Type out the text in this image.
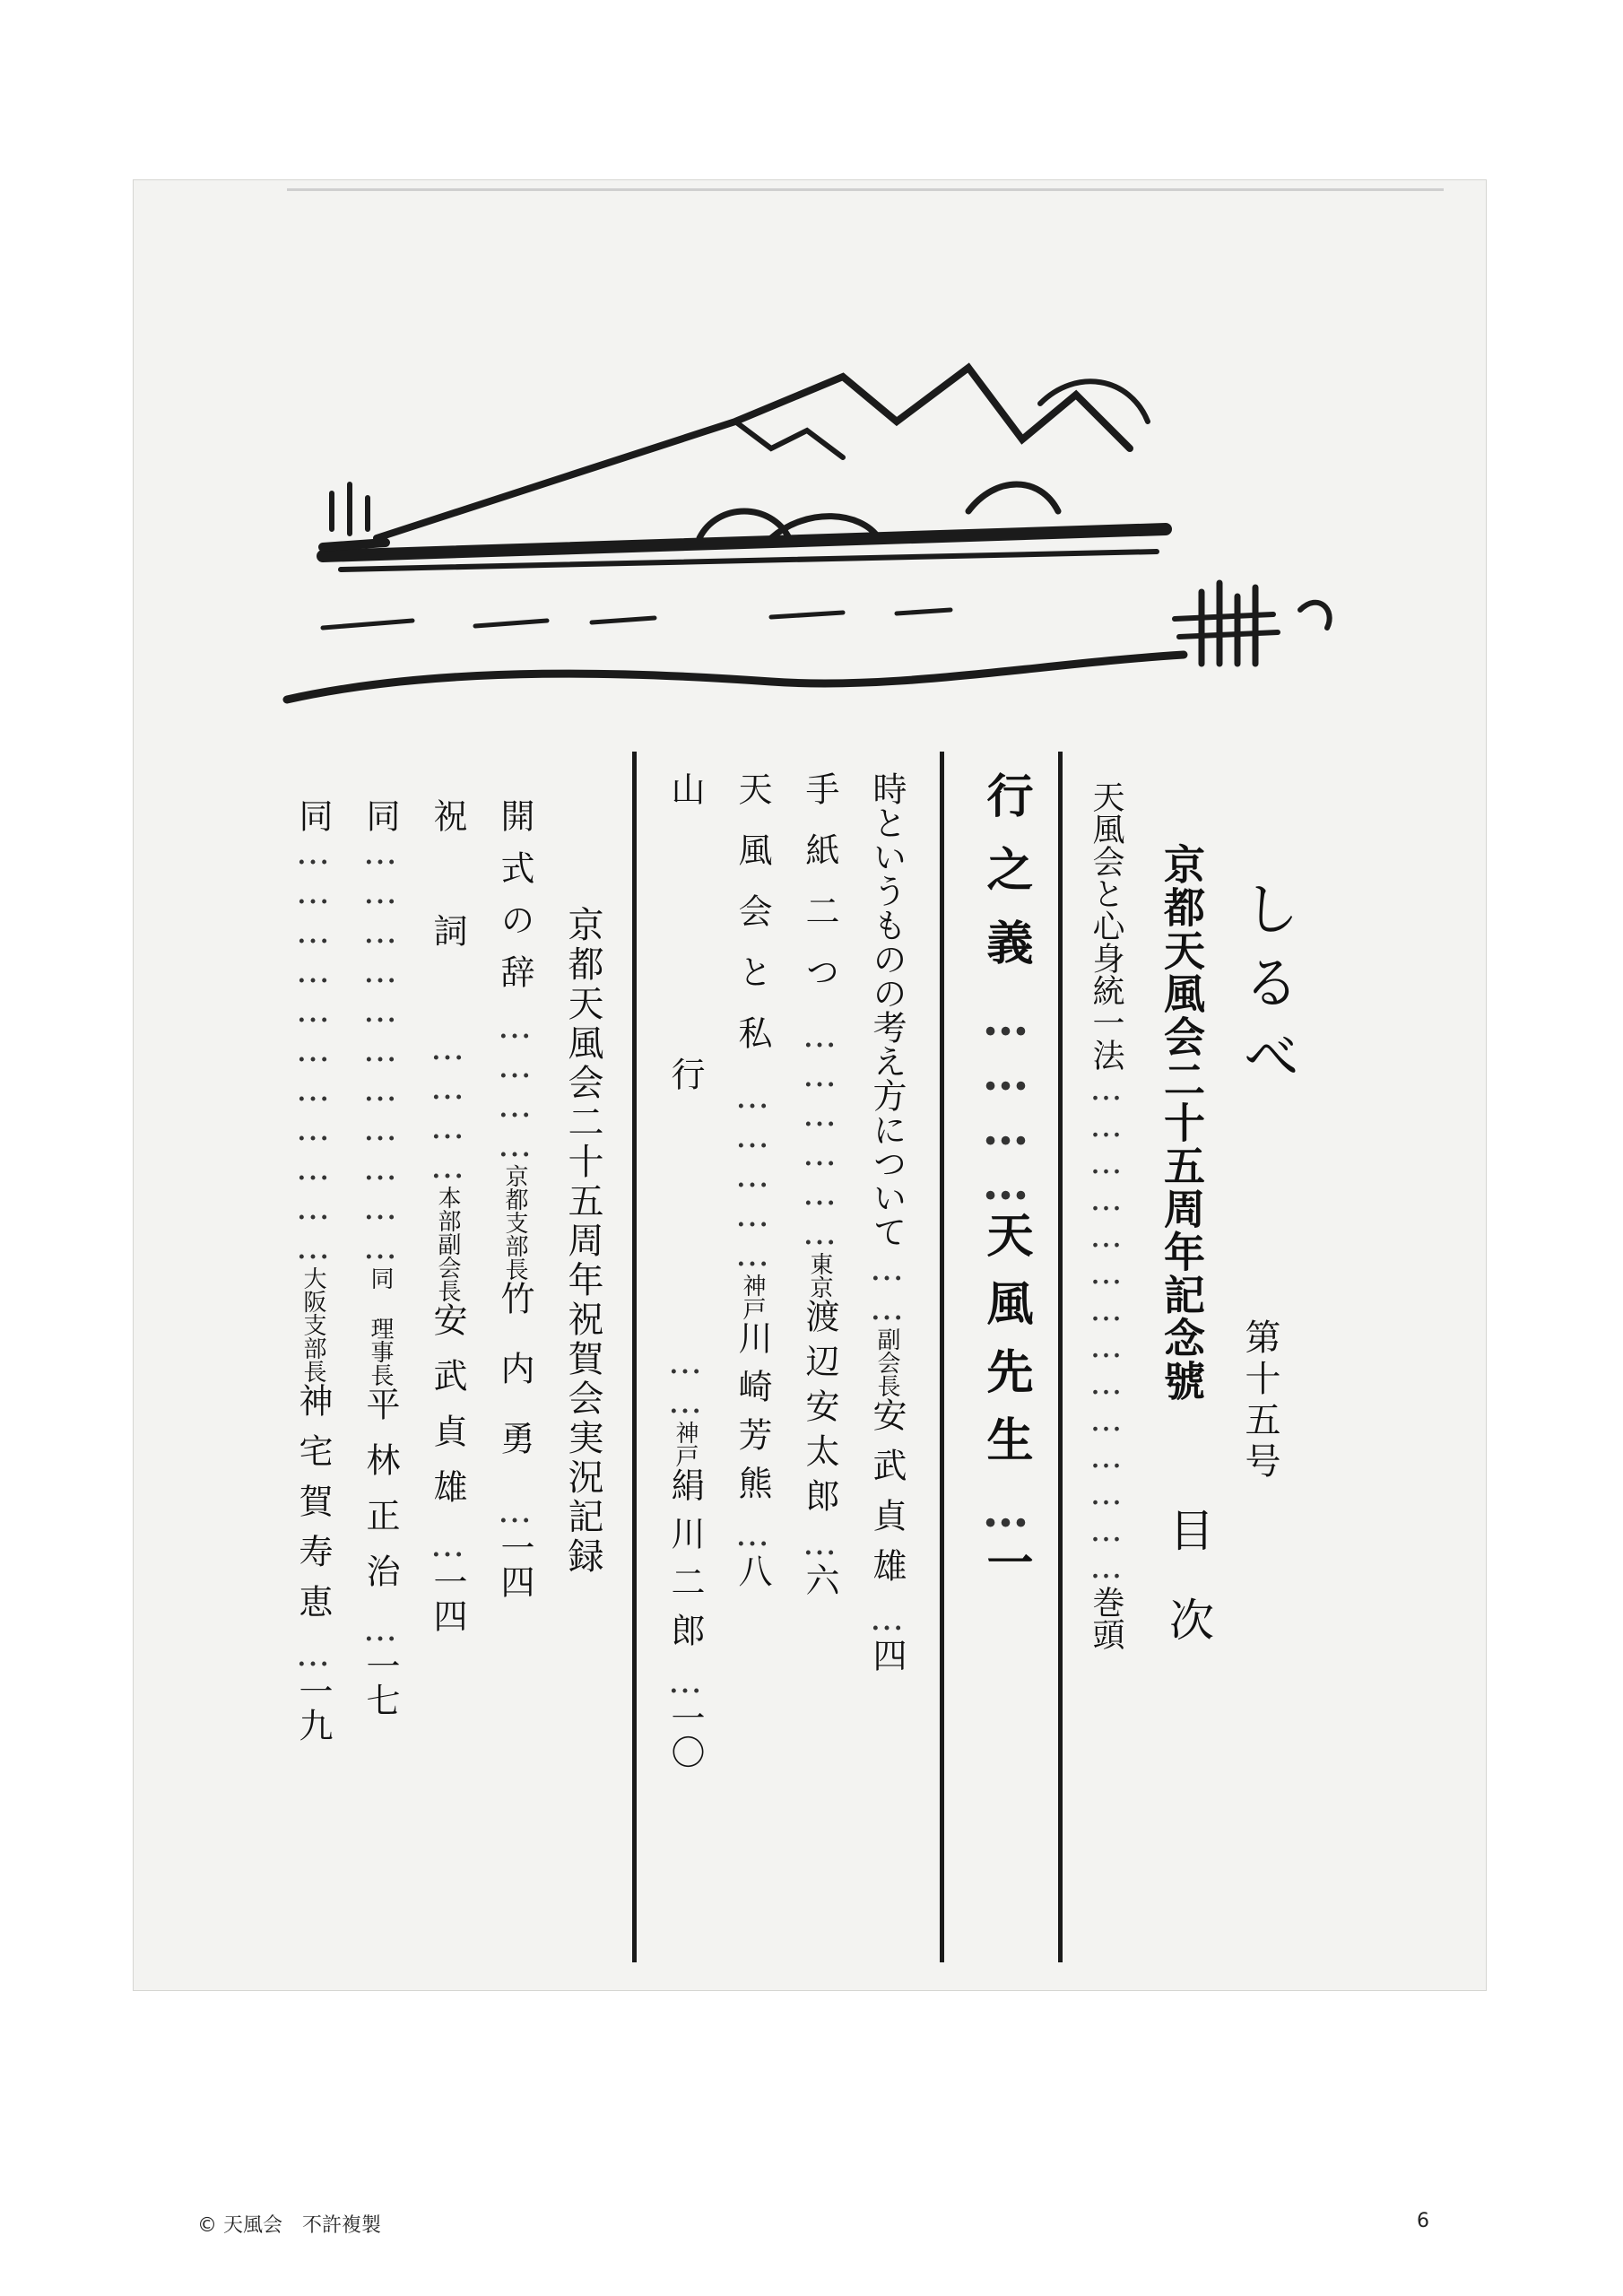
しるべ
第十五号
京都天風会二十五周年記念號
目次
天風会と心身統一法……………………………………巻頭
行之義…………天風先生…一
時というものの考え方について……副会長安武貞雄…四
手紙二つ………………東京渡辺安太郎…六
天風会と私……………神戸川崎芳熊…八
山行……神戸絹川二郎…一〇
京都天風会二十五周年祝賀会実況記録
開式の辞…………京都支部長竹内勇…一四
祝詞…………本部副会長安武貞雄…一四
同……………………………同 理事長平林正治…一七
同……………………………大阪支部長神宅賀寿恵…一九
© 天風会　不許複製	6
